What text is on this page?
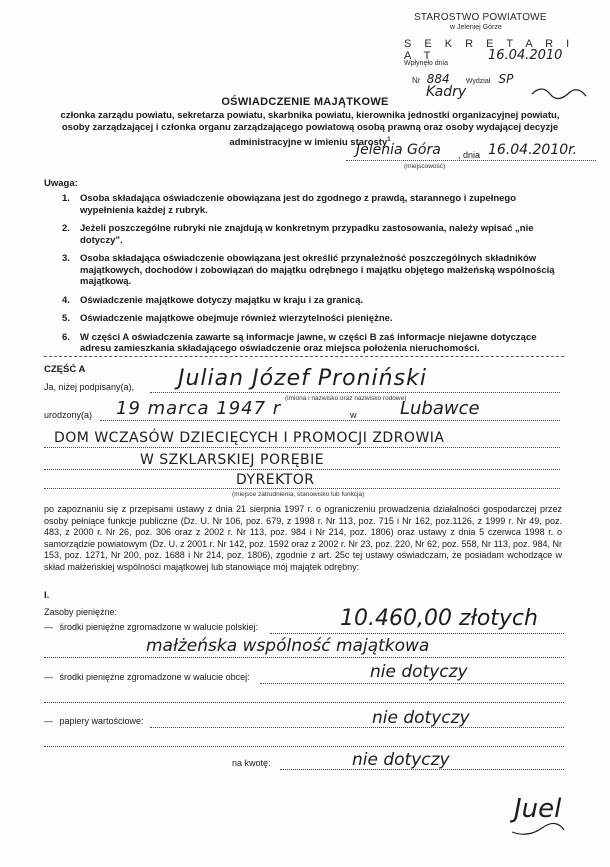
STAROSTWO POWIATOWE
w Jeleniej Górze
S E K R E T A R I A T	16.04.2010
Wpłynęło dnia
Nr 884 Wydział SP
Kadry
OŚWIADCZENIE MAJĄTKOWE
członka zarządu powiatu, sekretarza powiatu, skarbnika powiatu, kierownika jednostki organizacyjnej powiatu, osoby zarządzającej i członka organu zarządzającego powiatową osobą prawną oraz osoby wydającej decyzje administracyjne w imieniu starosty$^1$
Jelenia Góra , dnia 16.04.2010r.
(miejscowość)
Uwaga:
1.	Osoba składająca oświadczenie obowiązana jest do zgodnego z prawdą, starannego i zupełnego wypełnienia każdej z rubryk.
2.	Jeżeli poszczególne rubryki nie znajdują w konkretnym przypadku zastosowania, należy wpisać „nie dotyczy”.
3.	Osoba składająca oświadczenie obowiązana jest określić przynależność poszczególnych składników majątkowych, dochodów i zobowiązań do majątku odrębnego i majątku objętego małżeńską wspólnością majątkową.
4.	Oświadczenie majątkowe dotyczy majątku w kraju i za granicą.
5.	Oświadczenie majątkowe obejmuje również wierzytelności pieniężne.
6.	W części A oświadczenia zawarte są informacje jawne, w części B zaś informacje niejawne dotyczące adresu zamieszkania składającego oświadczenie oraz miejsca położenia nieruchomości.
CZĘŚĆ A
Ja, niżej podpisany(a), Julian Józef Proniński
(imiona i nazwisko oraz nazwisko rodowe)
urodzony(a) 19 marca 1947 r	w Lubawce
DOM WCZASÓW DZIECIĘCYCH I PROMOCJI ZDROWIA
W SZKLARSKIEJ PORĘBIE
DYREKTOR
(miejsce zatrudnienia, stanowisko lub funkcja)
po zapoznaniu się z przepisami ustawy z dnia 21 sierpnia 1997 r. o ograniczeniu prowadzenia działalności gospodarczej przez osoby pełniące funkcje publiczne (Dz. U. Nr 106, poz. 679, z 1998 r. Nr 113, poz. 715 i Nr 162, poz.1126, z 1999 r. Nr 49, poz. 483, z 2000 r. Nr 26, poz. 306 oraz z 2002 r. Nr 113, poz. 984 i Nr 214, poz. 1806) oraz ustawy z dnia 5 czerwca 1998 r. o samorządzie powiatowym (Dz. U. z 2001 r. Nr 142, poz. 1592 oraz z 2002 r. Nr 23, poz. 220, Nr 62, poz. 558, Nr 113, poz. 984, Nr 153, poz. 1271, Nr 200, poz. 1688 i Nr 214, poz. 1806), zgodnie z art. 25c tej ustawy oświadczam, że posiadam wchodzące w skład małżeńskiej wspólności majątkowej lub stanowiące mój majątek odrębny:
I.
Zasoby pieniężne:
— środki pieniężne zgromadzone w walucie polskiej:	10.460,00 złotych
małżeńska wspólność majątkowa
— środki pieniężne zgromadzone w walucie obcej:	nie dotyczy
— papiery wartościowe:	nie dotyczy
na kwotę:	nie dotyczy
Juel
